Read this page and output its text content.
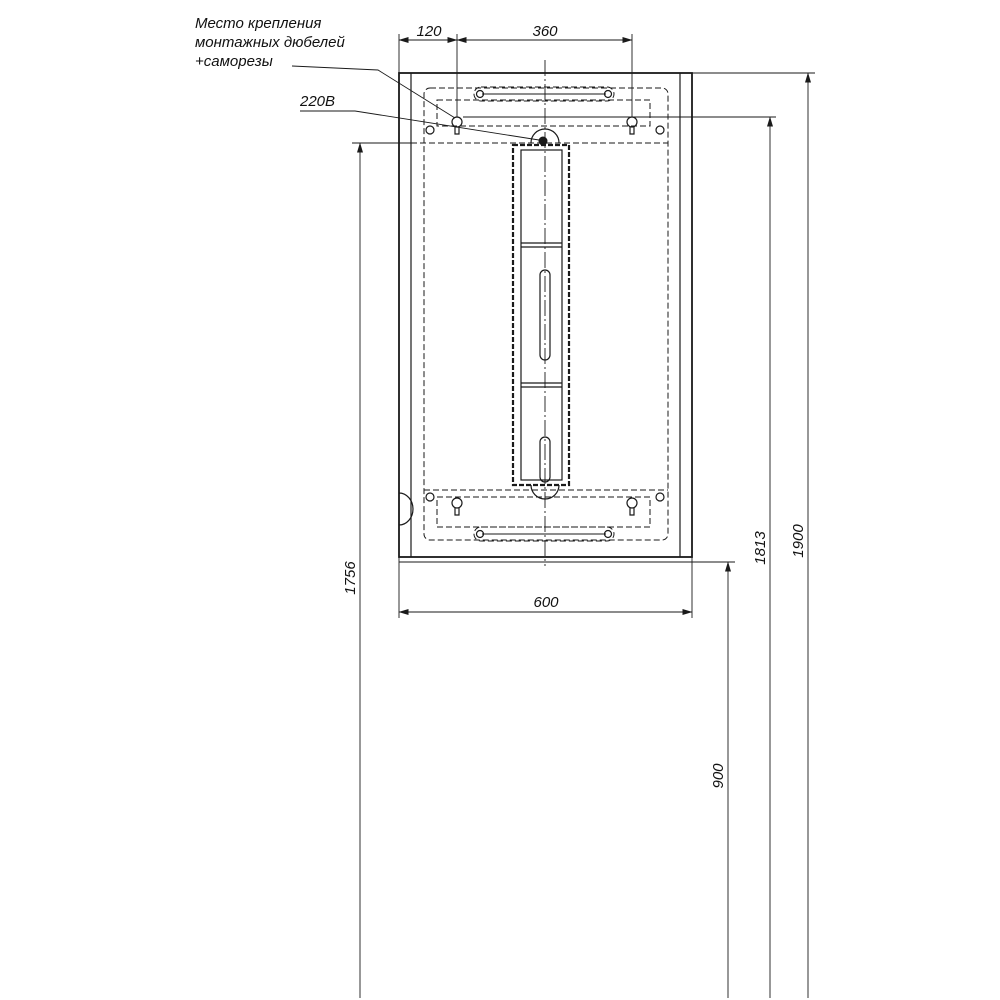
Место крепления
монтажных дюбелей
+саморезы
220В
120	360
600
1756
900
1813 1900
